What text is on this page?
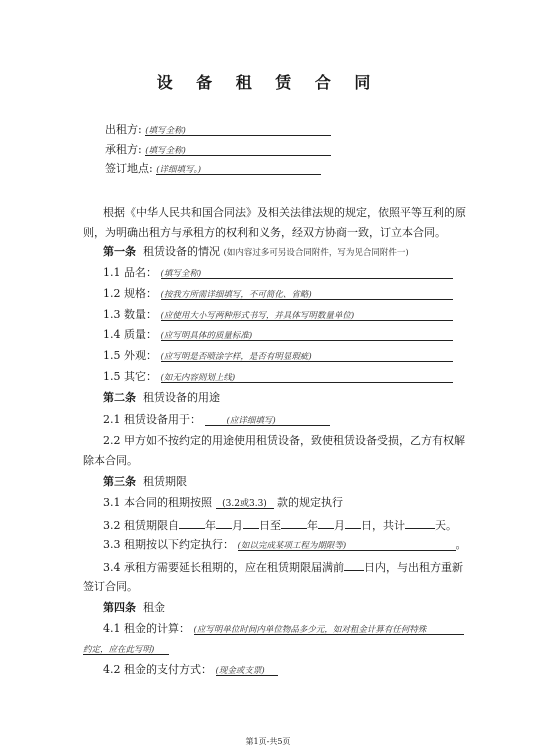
设 备 租 赁 合 同
出租方: (填写全称)
承租方: (填写全称)
签订地点: (详细填写。)
根据《中华人民共和国合同法》及相关法律法规的规定，依照平等互利的原
则，为明确出租方与承租方的权利和义务，经双方协商一致，订立本合同。
第一条 租赁设备的情况 (如内容过多可另设合同附件，写为见合同附件一)
1.1 品名： (填写全称)
1.2 规格： (按我方所需详细填写，不可简化、省略)
1.3 数量： (应使用大小写两种形式书写，并具体写明数量单位)
1.4 质量： (应写明具体的质量标准)
1.5 外观： (应写明是否喷涂字样，是否有明显瑕疵)
1.5 其它： (如无内容则划上线)
第二条 租赁设备的用途
2.1 租赁设备用于：	(应详细填写)
2.2 甲方如不按约定的用途使用租赁设备，致使租赁设备受损，乙方有权解
除本合同。
第三条 租赁期限
3.1 本合同的租期按照 (3.2或3.3) 款的规定执行
3.2 租赁期限自 年 月 日至 年 月 日，共计	天。
3.3 租期按以下约定执行： (如以完成某项工程为期限等)	。
3.4 承租方需要延长租期的，应在租赁期限届满前 日内，与出租方重新
签订合同。
第四条 租金
4.1 租金的计算： (应写明单位时间内单位物品多少元，如对租金计算有任何特殊
约定，应在此写明)
4.2 租金的支付方式： (现金或支票)
第1页-共5页
